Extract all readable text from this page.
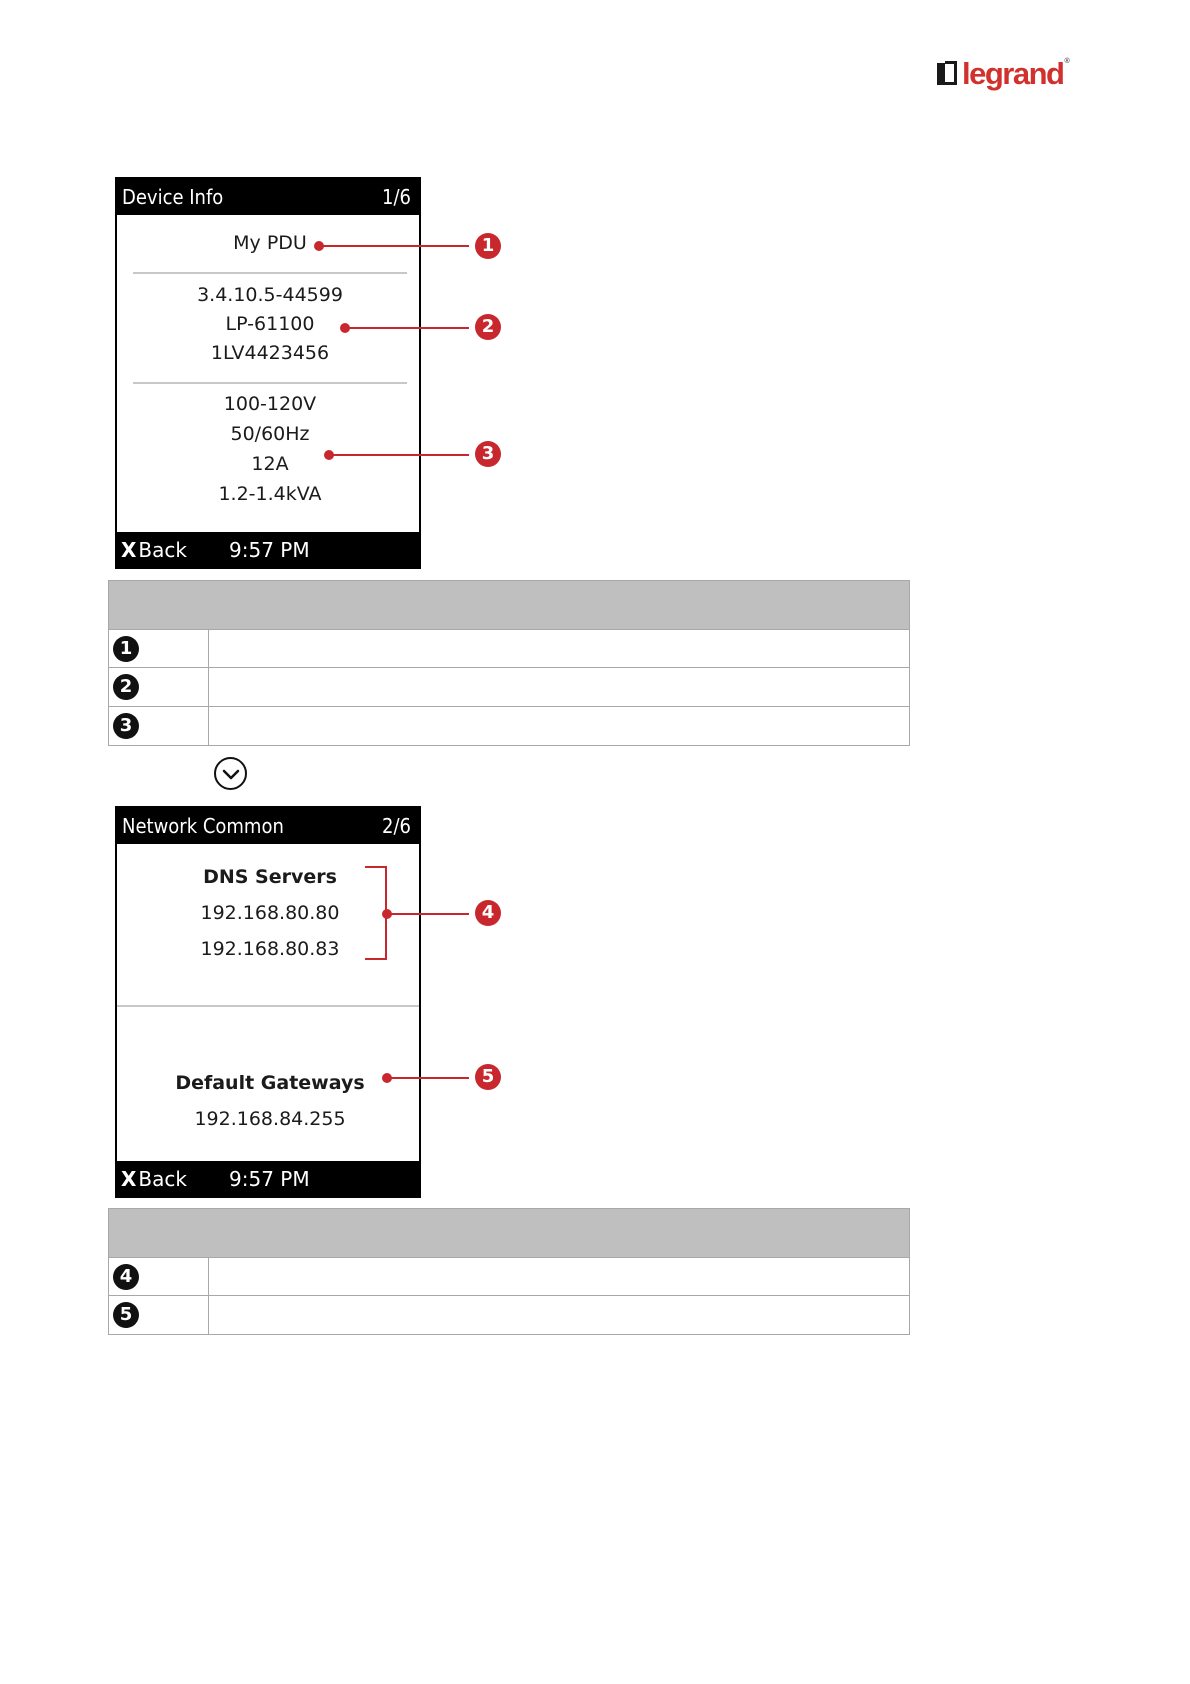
legrand ®
Device Info	1/6
My PDU
3.4.10.5-44599
LP-61100
1LV4423456
100-120V
50/60Hz
12A
1.2-1.4kVA
X Back 9:57 PM
1
2
3
1
2
3
Network Common	2/6
DNS Servers
192.168.80.80
192.168.80.83
Default Gateways
192.168.84.255
X Back 9:57 PM
4
5
4
5
